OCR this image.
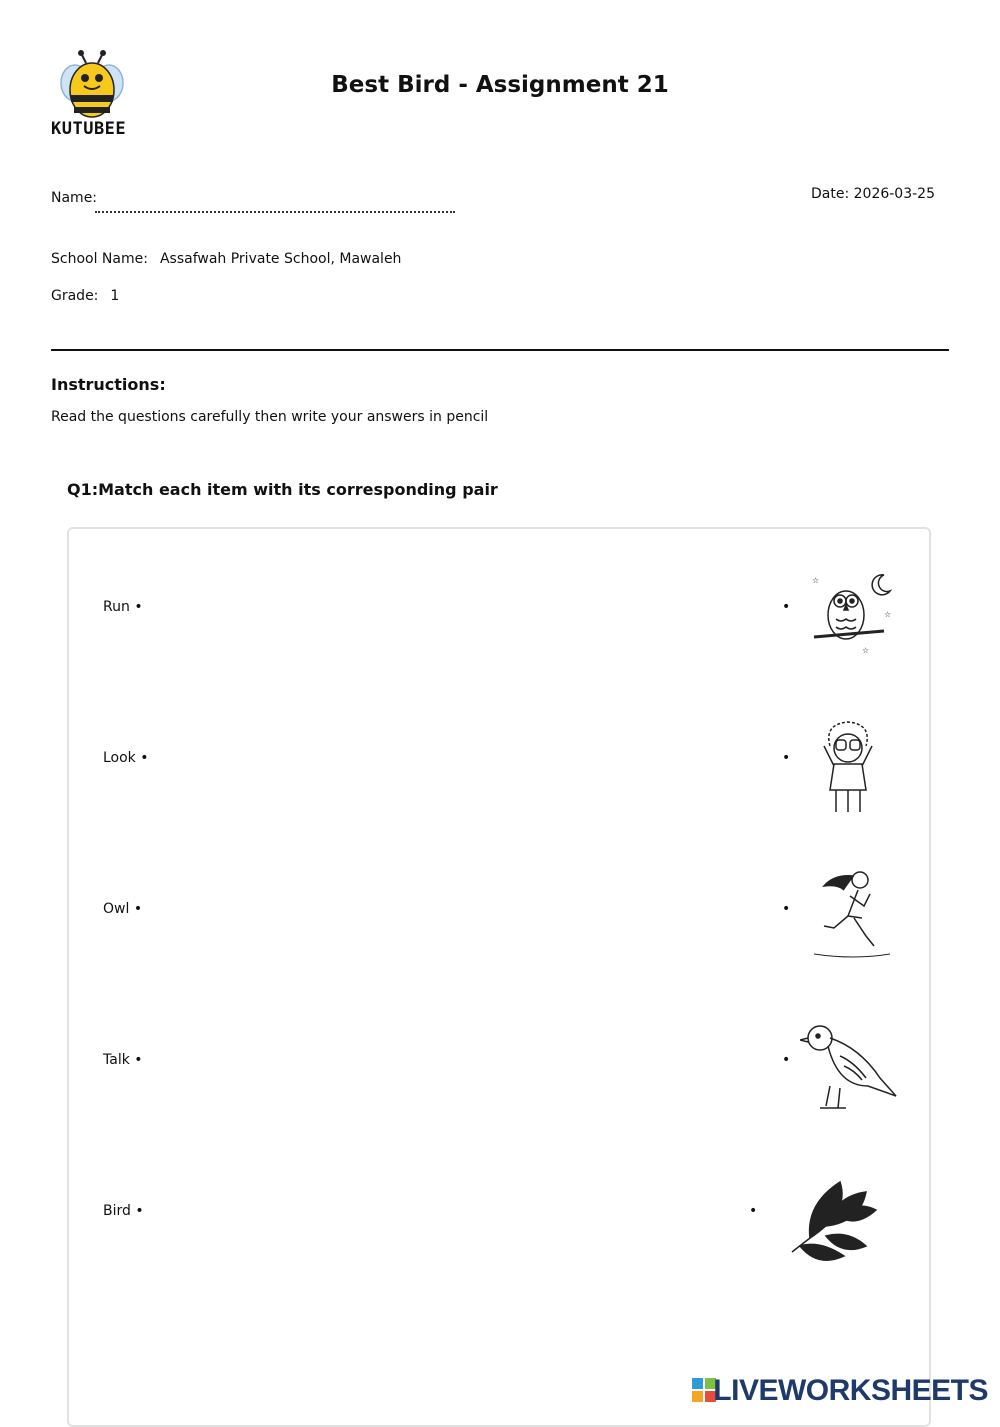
KUTUBEE
Best Bird - Assignment 21
Name:	Date: 2026-03-25
School Name: Assafwah Private School, Mawaleh
Grade: 1
Instructions:
Read the questions carefully then write your answers in pencil
Q1:Match each item with its corresponding pair
Run •
Look •
Owl •
Talk •
Bird •
•
•
•
•
•
☆
☆
☆
LIVEWORKSHEETS
